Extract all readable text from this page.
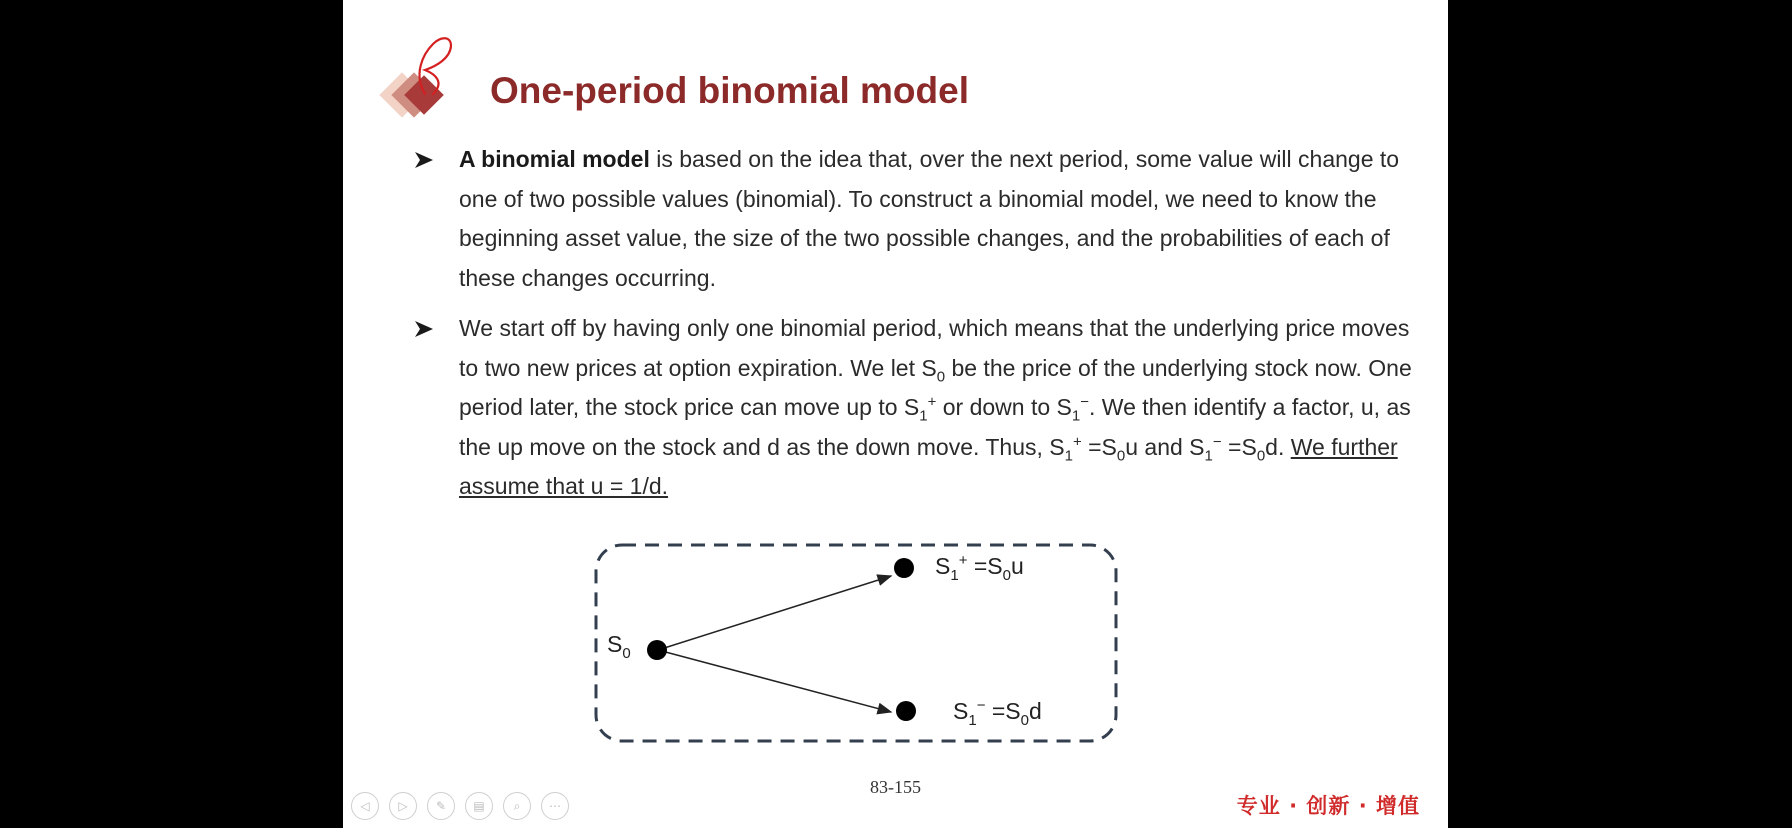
One-period binomial model
A binomial model is based on the idea that, over the next period, some value will change to one of two possible values (binomial). To construct a binomial model, we need to know the beginning asset value, the size of the two possible changes, and the probabilities of each of these changes occurring.
We start off by having only one binomial period, which means that the underlying price moves to two new prices at option expiration. We let $S_0$ be the price of the underlying stock now. One period later, the stock price can move up to $S_1^+$ or down to $S_1^-$. We then identify a factor, u, as the up move on the stock and d as the down move. Thus, $S_1^+ =S_0u$ and $S_1^- =S_0d$. We further assume that u = 1/d.
$S_0$
$S_1^+ =S_0u$
$S_1^- =S_0d$
83-155
专业 · 创新 · 增值
◁ ▷ ✎ ▤ ⌕ ⋯
